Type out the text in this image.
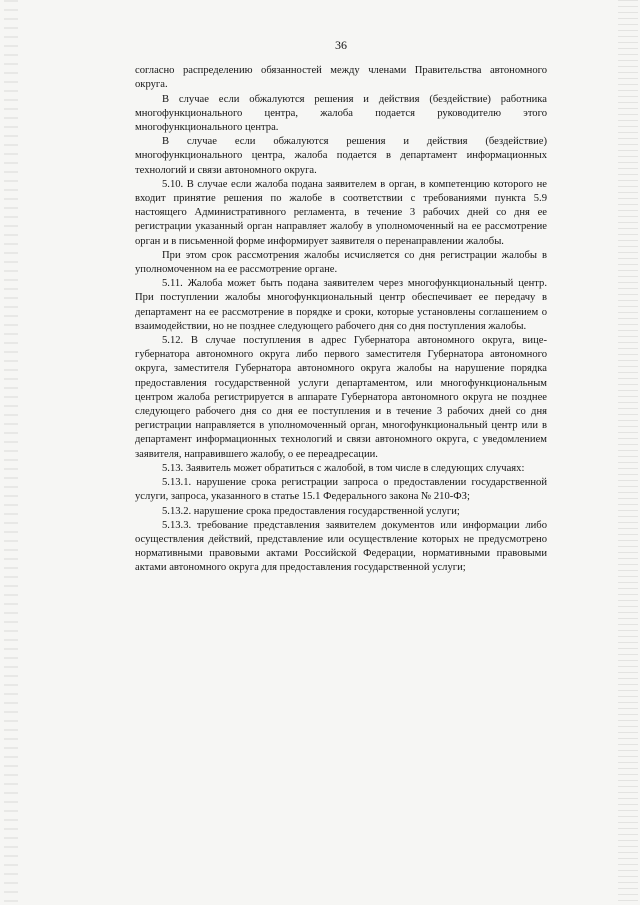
36

согласно распределению обязанностей между членами Правительства автономного округа.

В случае если обжалуются решения и действия (бездействие) работника многофункционального центра, жалоба подается руководителю этого многофункционального центра.

В случае если обжалуются решения и действия (бездействие) многофункционального центра, жалоба подается в департамент информационных технологий и связи автономного округа.

5.10. В случае если жалоба подана заявителем в орган, в компетенцию которого не входит принятие решения по жалобе в соответствии с требованиями пункта 5.9 настоящего Административного регламента, в течение 3 рабочих дней со дня ее регистрации указанный орган направляет жалобу в уполномоченный на ее рассмотрение орган и в письменной форме информирует заявителя о перенаправлении жалобы.

При этом срок рассмотрения жалобы исчисляется со дня регистрации жалобы в уполномоченном на ее рассмотрение органе.

5.11. Жалоба может быть подана заявителем через многофункциональный центр. При поступлении жалобы многофункциональный центр обеспечивает ее передачу в департамент на ее рассмотрение в порядке и сроки, которые установлены соглашением о взаимодействии, но не позднее следующего рабочего дня со дня поступления жалобы.

5.12. В случае поступления в адрес Губернатора автономного округа, вице-губернатора автономного округа либо первого заместителя Губернатора автономного округа, заместителя Губернатора автономного округа жалобы на нарушение порядка предоставления государственной услуги департаментом, или многофункциональным центром жалоба регистрируется в аппарате Губернатора автономного округа не позднее следующего рабочего дня со дня ее поступления и в течение 3 рабочих дней со дня регистрации направляется в уполномоченный орган, многофункциональный центр или в департамент информационных технологий и связи автономного округа, с уведомлением заявителя, направившего жалобу, о ее переадресации.

5.13. Заявитель может обратиться с жалобой, в том числе в следующих случаях:

5.13.1. нарушение срока регистрации запроса о предоставлении государственной услуги, запроса, указанного в статье 15.1 Федерального закона № 210-ФЗ;

5.13.2. нарушение срока предоставления государственной услуги;

5.13.3. требование представления заявителем документов или информации либо осуществления действий, представление или осуществление которых не предусмотрено нормативными правовыми актами Российской Федерации, нормативными правовыми актами автономного округа для предоставления государственной услуги;
